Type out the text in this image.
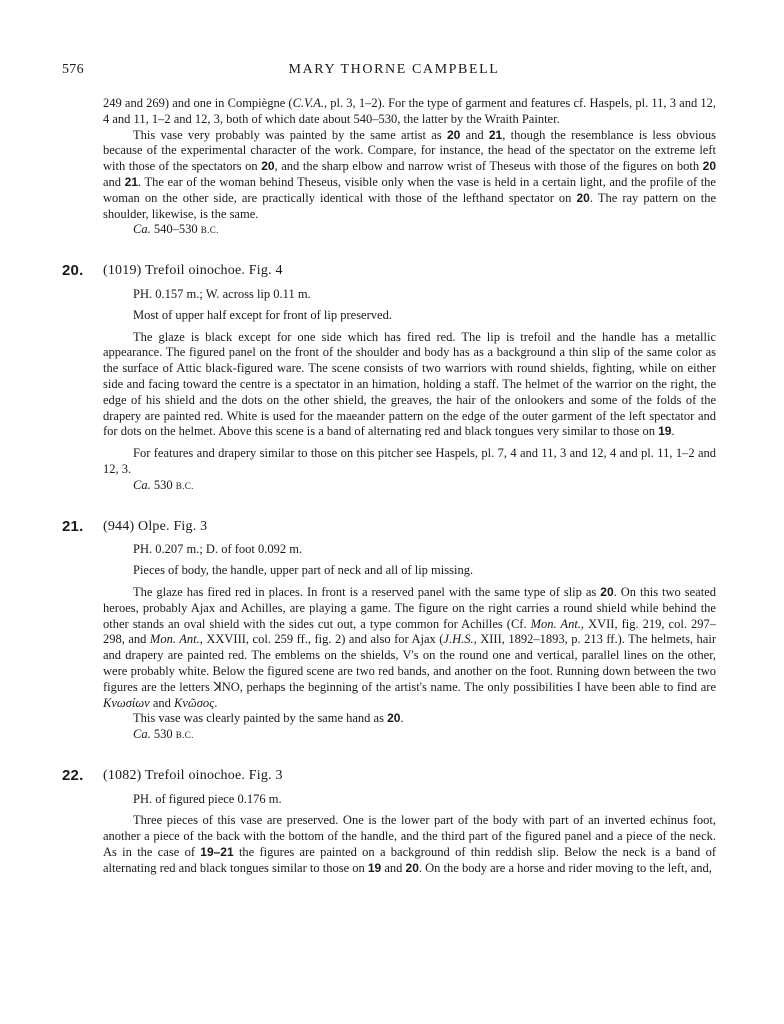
576	MARY THORNE CAMPBELL

249 and 269) and one in Compiègne (C.V.A., pl. 3, 1–2). For the type of garment and features cf. Haspels, pl. 11, 3 and 12, 4 and 11, 1–2 and 12, 3, both of which date about 540–530, the latter by the Wraith Painter.

This vase very probably was painted by the same artist as 20 and 21, though the resemblance is less obvious because of the experimental character of the work. Compare, for instance, the head of the spectator on the extreme left with those of the spectators on 20, and the sharp elbow and narrow wrist of Theseus with those of the figures on both 20 and 21. The ear of the woman behind Theseus, visible only when the vase is held in a certain light, and the profile of the woman on the other side, are practically identical with those of the lefthand spectator on 20. The ray pattern on the shoulder, likewise, is the same.

Ca. 540–530 B.C.

20. (1019) Trefoil oinochoe. Fig. 4

PH. 0.157 m.; W. across lip 0.11 m.

Most of upper half except for front of lip preserved.

The glaze is black except for one side which has fired red. The lip is trefoil and the handle has a metallic appearance. The figured panel on the front of the shoulder and body has as a background a thin slip of the same color as the surface of Attic black-figured ware. The scene consists of two warriors with round shields, fighting, while on either side and facing toward the centre is a spectator in an himation, holding a staff. The helmet of the warrior on the right, the edge of his shield and the dots on the other shield, the greaves, the hair of the onlookers and some of the folds of the drapery are painted red. White is used for the maeander pattern on the edge of the outer garment of the left spectator and for dots on the helmet. Above this scene is a band of alternating red and black tongues very similar to those on 19.

For features and drapery similar to those on this pitcher see Haspels, pl. 7, 4 and 11, 3 and 12, 4 and pl. 11, 1–2 and 12, 3.

Ca. 530 B.C.

21. (944) Olpe. Fig. 3

PH. 0.207 m.; D. of foot 0.092 m.

Pieces of body, the handle, upper part of neck and all of lip missing.

The glaze has fired red in places. In front is a reserved panel with the same type of slip as 20. On this two seated heroes, probably Ajax and Achilles, are playing a game. The figure on the right carries a round shield while behind the other stands an oval shield with the sides cut out, a type common for Achilles (Cf. Mon. Ant., XVII, fig. 219, col. 297–298, and Mon. Ant., XXVIII, col. 259 ff., fig. 2) and also for Ajax (J.H.S., XIII, 1892–1893, p. 213 ff.). The helmets, hair and drapery are painted red. The emblems on the shields, V's on the round one and vertical, parallel lines on the other, were probably white. Below the figured scene are two red bands, and another on the foot. Running down between the two figures are the letters ꓘNO, perhaps the beginning of the artist's name. The only possibilities I have been able to find are Κνωσίων and Κνῶσος.

This vase was clearly painted by the same hand as 20.

Ca. 530 B.C.

22. (1082) Trefoil oinochoe. Fig. 3

PH. of figured piece 0.176 m.

Three pieces of this vase are preserved. One is the lower part of the body with part of an inverted echinus foot, another a piece of the back with the bottom of the handle, and the third part of the figured panel and a piece of the neck. As in the case of 19–21 the figures are painted on a background of thin reddish slip. Below the neck is a band of alternating red and black tongues similar to those on 19 and 20. On the body are a horse and rider moving to the left, and,
